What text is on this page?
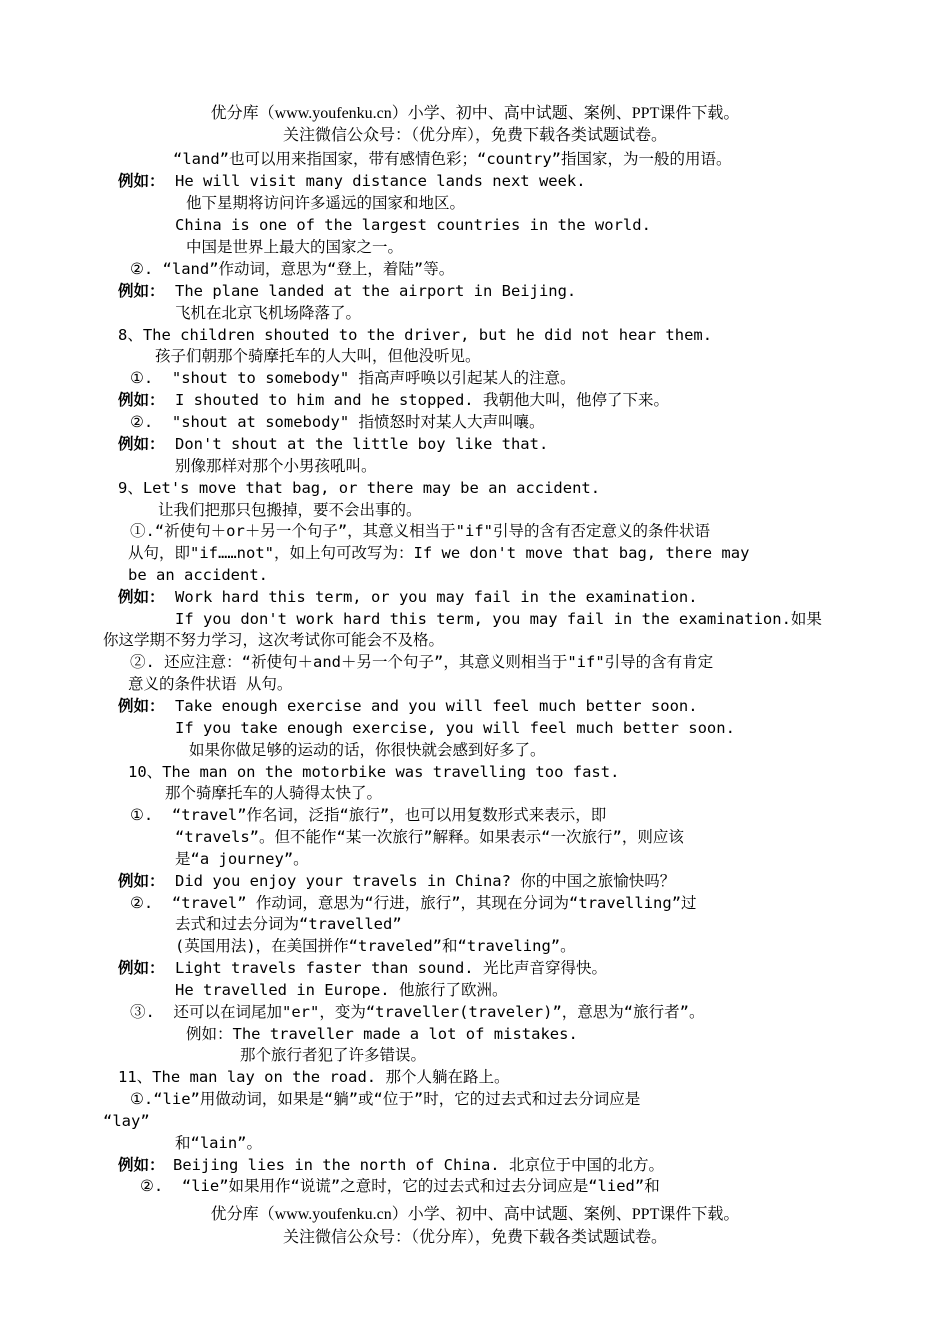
优分库（www.youfenku.cn）小学、初中、高中试题、案例、PPT课件下载。
关注微信公众号：（优分库），免费下载各类试题试卷。
“land”也可以用来指国家，带有感情色彩；“country”指国家，为一般的用语。
例如： He will visit many distance lands next week.
他下星期将访问许多遥远的国家和地区。
China is one of the largest countries in the world.
中国是世界上最大的国家之一。
②. “land”作动词，意思为“登上，着陆”等。
例如： The plane landed at the airport in Beijing.
飞机在北京飞机场降落了。
8、The children shouted to the driver, but he did not hear them.
孩子们朝那个骑摩托车的人大叫，但他没听见。
①.  "shout to somebody" 指高声呼唤以引起某人的注意。
例如： I shouted to him and he stopped. 我朝他大叫，他停了下来。
②.  "shout at somebody" 指愤怒时对某人大声叫嚷。
例如： Don't shout at the little boy like that.
别像那样对那个小男孩吼叫。
9、Let's move that bag, or there may be an accident.
让我们把那只包搬掉，要不会出事的。
①.“祈使句＋or＋另一个句子”，其意义相当于"if"引导的含有否定意义的条件状语
从句，即"if……not"，如上句可改写为：If we don't move that bag, there may
be an accident.
例如： Work hard this term, or you may fail in the examination.
If you don't work hard this term, you may fail in the examination.如果
你这学期不努力学习，这次考试你可能会不及格。
②. 还应注意：“祈使句＋and＋另一个句子”，其意义则相当于"if"引导的含有肯定
意义的条件状语 从句。
例如： Take enough exercise and you will feel much better soon.
If you take enough exercise, you will feel much better soon.
如果你做足够的运动的话，你很快就会感到好多了。
10、The man on the motorbike was travelling too fast.
那个骑摩托车的人骑得太快了。
①.  “travel”作名词，泛指“旅行”，也可以用复数形式来表示，即
“travels”。但不能作“某一次旅行”解释。如果表示“一次旅行”，则应该
是“a journey”。
例如： Did you enjoy your travels in China? 你的中国之旅愉快吗？
②.  “travel” 作动词，意思为“行进，旅行”，其现在分词为“travelling”过
去式和过去分词为“travelled”
(英国用法)，在美国拼作“traveled”和“traveling”。
例如： Light travels faster than sound. 光比声音穿得快。
He travelled in Europe. 他旅行了欧洲。
③.  还可以在词尾加"er"，变为“traveller(traveler)”，意思为“旅行者”。
例如：The traveller made a lot of mistakes.
那个旅行者犯了许多错误。
11、The man lay on the road. 那个人躺在路上。
①.“lie”用做动词，如果是“躺”或“位于”时，它的过去式和过去分词应是
“lay”
和“lain”。
例如： Beijing lies in the north of China. 北京位于中国的北方。
②.  “lie”如果用作“说谎”之意时，它的过去式和过去分词应是“lied”和
优分库（www.youfenku.cn）小学、初中、高中试题、案例、PPT课件下载。
关注微信公众号：（优分库），免费下载各类试题试卷。
